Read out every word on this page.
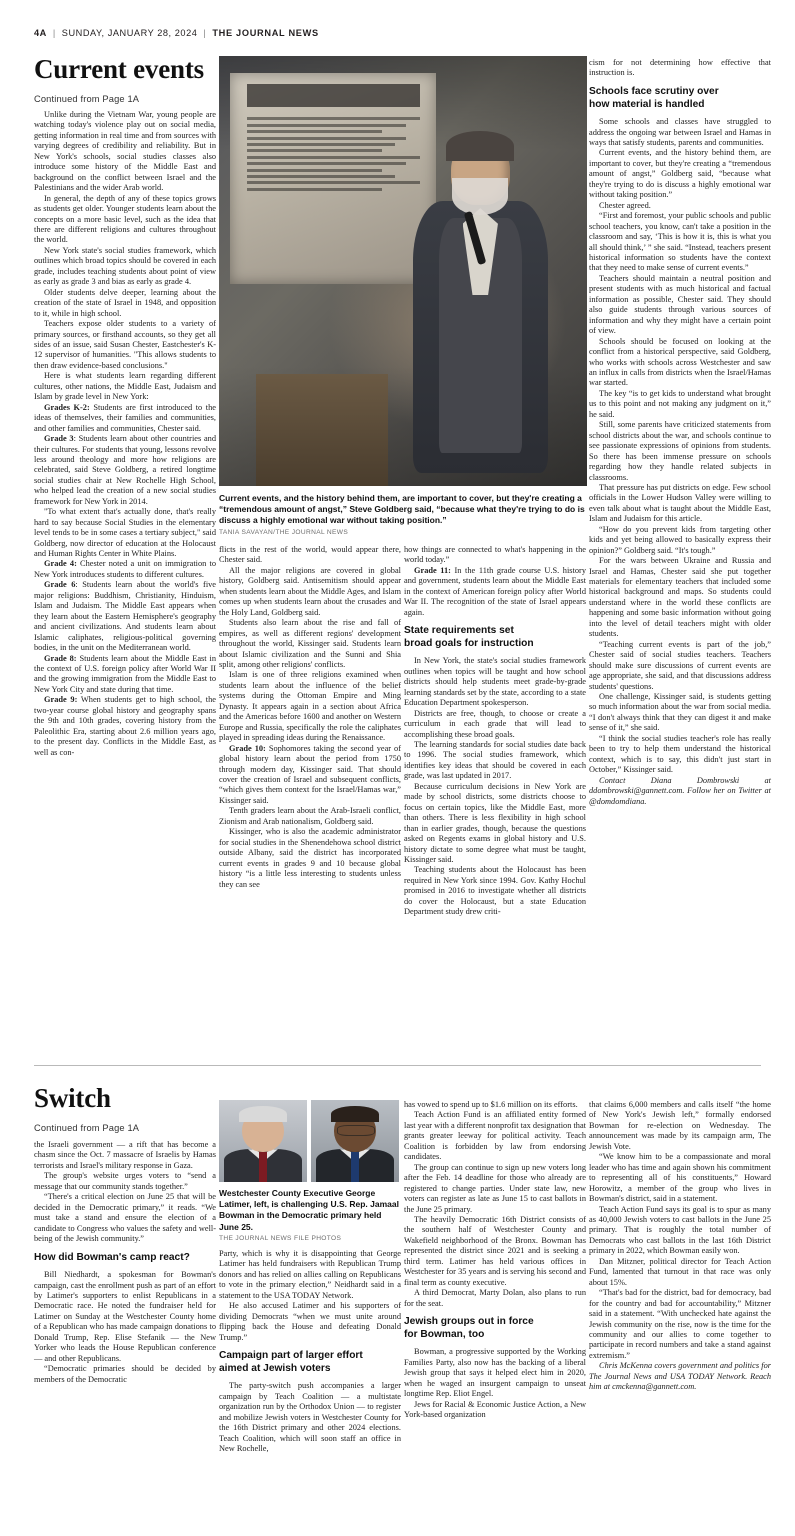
4A | SUNDAY, JANUARY 28, 2024 | THE JOURNAL NEWS
Current events
Continued from Page 1A
Current events, and the history behind them, are important to cover, but they're creating a “tremendous amount of angst,” Steve Goldberg said, “because what they're trying to do is discuss a highly emotional war without taking position.”
TANIA SAVAYAN/THE JOURNAL NEWS

Unlike during the Vietnam War, young people are watching today's violence play out on social media, getting information in real time and from sources with varying degrees of credibility and reliability. But in New York's schools, social studies classes also introduce some history of the Middle East and background on the conflict between Israel and the Palestinians and the wider Arab world.

In general, the depth of any of these topics grows as students get older. Younger students learn about the concepts on a more basic level, such as the idea that there are different religions and cultures throughout the world.

New York state's social studies framework, which outlines which broad topics should be covered in each grade, includes teaching students about point of view as early as grade 3 and bias as early as grade 4.

Older students delve deeper, learning about the creation of the state of Israel in 1948, and opposition to it, while in high school.

Teachers expose older students to a variety of primary sources, or firsthand accounts, so they get all sides of an issue, said Susan Chester, Eastchester's K-12 supervisor of humanities. "This allows students to then draw evidence-based conclusions."

Here is what students learn regarding different cultures, other nations, the Middle East, Judaism and Islam by grade level in New York:

Grades K-2: Students are first introduced to the ideas of themselves, their families and communities, and other families and communities, Chester said.

Grade 3: Students learn about other countries and their cultures. For students that young, lessons revolve less around theology and more how religions are celebrated, said Steve Goldberg, a retired longtime social studies chair at New Rochelle High School, who helped lead the creation of a new social studies framework for New York in 2014.

"To what extent that's actually done, that's really hard to say because Social Studies in the elementary level tends to be in some cases a tertiary subject," said Goldberg, now director of education at the Holocaust and Human Rights Center in White Plains.

Grade 4: Chester noted a unit on immigration to New York introduces students to different cultures.

Grade 6: Students learn about the world's five major religions: Buddhism, Christianity, Hinduism, Islam and Judaism. The Middle East appears when they learn about the Eastern Hemisphere's geography and ancient civilizations. And students learn about Islamic caliphates, religious-political governing bodies, in the unit on the Mediterranean world.

Grade 8: Students learn about the Middle East in the context of U.S. foreign policy after World War II and the growing immigration from the Middle East to New York City and state during that time.

Grade 9: When students get to high school, the two-year course global history and geography spans the 9th and 10th grades, covering history from the Paleolithic Era, starting about 2.6 million years ago, to the present day. Conflicts in the Middle East, as well as con-

flicts in the rest of the world, would appear there, Chester said.

All the major religions are covered in global history, Goldberg said. Antisemitism should appear when students learn about the Middle Ages, and Islam comes up when students learn about the crusades and the Holy Land, Goldberg said.

Students also learn about the rise and fall of empires, as well as different regions' development throughout the world, Kissinger said. Students learn about Islamic civilization and the Sunni and Shia split, among other religions' conflicts.

Islam is one of three religions examined when students learn about the influence of the belief systems during the Ottoman Empire and Ming Dynasty. It appears again in a section about Africa and the Americas before 1600 and another on Western Europe and Russia, specifically the role the caliphates played in spreading ideas during the Renaissance.

Grade 10: Sophomores taking the second year of global history learn about the period from 1750 through modern day, Kissinger said. That should cover the creation of Israel and subsequent conflicts, “which gives them context for the Israel/Hamas war,” Kissinger said.

Tenth graders learn about the Arab-Israeli conflict, Zionism and Arab nationalism, Goldberg said.

Kissinger, who is also the academic administrator for social studies in the Shenendehowa school district outside Albany, said the district has incorporated current events in grades 9 and 10 because global history “is a little less interesting to students unless they can see

how things are connected to what's happening in the world today.”

Grade 11: In the 11th grade course U.S. history and government, students learn about the Middle East in the context of American foreign policy after World War II. The recognition of the state of Israel appears again.

State requirements set
broad goals for instruction

In New York, the state's social studies framework outlines when topics will be taught and how school districts should help students meet grade-by-grade learning standards set by the state, according to a state Education Department spokesperson.

Districts are free, though, to choose or create a curriculum in each grade that will lead to accomplishing these broad goals.

The learning standards for social studies date back to 1996. The social studies framework, which identifies key ideas that should be covered in each grade, was last updated in 2017.

Because curriculum decisions in New York are made by school districts, some districts choose to focus on certain topics, like the Middle East, more than others. There is less flexibility in high school than in earlier grades, though, because the questions asked on Regents exams in global history and U.S. history dictate to some degree what must be taught, Kissinger said.

Teaching students about the Holocaust has been required in New York since 1994. Gov. Kathy Hochul promised in 2016 to investigate whether all districts do cover the Holocaust, but a state Education Department study drew criti-

cism for not determining how effective that instruction is.

Schools face scrutiny over
how material is handled

Some schools and classes have struggled to address the ongoing war between Israel and Hamas in ways that satisfy students, parents and communities.

Current events, and the history behind them, are important to cover, but they're creating a “tremendous amount of angst,” Goldberg said, “because what they're trying to do is discuss a highly emotional war without taking position.”

Chester agreed.

“First and foremost, your public schools and public school teachers, you know, can't take a position in the classroom and say, ‘This is how it is, this is what you all should think,’ ” she said. “Instead, teachers present historical information so students have the context that they need to make sense of current events.”

Teachers should maintain a neutral position and present students with as much historical and factual information as possible, Chester said. They should also guide students through various sources of information and why they might have a certain point of view.

Schools should be focused on looking at the conflict from a historical perspective, said Goldberg, who works with schools across Westchester and saw an influx in calls from districts when the Israel/Hamas war started.

The key “is to get kids to understand what brought us to this point and not making any judgment on it,” he said.

Still, some parents have criticized statements from school districts about the war, and schools continue to see passionate expressions of opinions from students. So there has been immense pressure on schools regarding how they handle related subjects in classrooms.

That pressure has put districts on edge. Few school officials in the Lower Hudson Valley were willing to even talk about what is taught about the Middle East, Islam and Judaism for this article.

“How do you prevent kids from targeting other kids and yet being allowed to basically express their opinion?” Goldberg said. “It's tough.”

For the wars between Ukraine and Russia and Israel and Hamas, Chester said she put together materials for elementary teachers that included some historical background and maps. So students could understand where in the world these conflicts are happening and some basic information without going into the level of detail teachers might with older students.

“Teaching current events is part of the job,” Chester said of social studies teachers. Teachers should make sure discussions of current events are age appropriate, she said, and that discussions address students' questions.

One challenge, Kissinger said, is students getting so much information about the war from social media. “I don't always think that they can digest it and make sense of it,” she said.

“I think the social studies teacher's role has really been to try to help them understand the historical context, which is to say, this didn't just start in October,” Kissinger said.

Contact Diana Dombrowski at ddombrowski@gannett.com. Follow her on Twitter at @domdomdiana.

Switch
Continued from Page 1A
Westchester County Executive George Latimer, left, is challenging U.S. Rep. Jamaal Bowman in the Democratic primary held June 25.
THE JOURNAL NEWS FILE PHOTOS

the Israeli government — a rift that has become a chasm since the Oct. 7 massacre of Israelis by Hamas terrorists and Israel's military response in Gaza.

The group's website urges voters to “send a message that our community stands together.”

“There's a critical election on June 25 that will be decided in the Democratic primary,” it reads. “We must take a stand and ensure the election of a candidate to Congress who values the safety and well-being of the Jewish community.”

How did Bowman's camp react?

Bill Niedhardt, a spokesman for Bowman's campaign, cast the enrollment push as part of an effort by Latimer's supporters to enlist Republicans in a Democratic race. He noted the fundraiser held for Latimer on Sunday at the Westchester County home of a Republican who has made campaign donations to Donald Trump, Rep. Elise Stefanik — the New Yorker who leads the House Republican conference — and other Republicans.

“Democratic primaries should be decided by members of the Democratic

Party, which is why it is disappointing that George Latimer has held fundraisers with Republican Trump donors and has relied on allies calling on Republicans to vote in the primary election,” Neidhardt said in a statement to the USA TODAY Network.

He also accused Latimer and his supporters of dividing Democrats “when we must unite around flipping back the House and defeating Donald Trump.”

Campaign part of larger effort
aimed at Jewish voters

The party-switch push accompanies a larger campaign by Teach Coalition — a multistate organization run by the Orthodox Union — to register and mobilize Jewish voters in Westchester County for the 16th District primary and other 2024 elections. Teach Coalition, which will soon staff an office in New Rochelle,

has vowed to spend up to $1.6 million on its efforts.

Teach Action Fund is an affiliated entity formed last year with a different nonprofit tax designation that grants greater leeway for political activity. Teach Coalition is forbidden by law from endorsing candidates.

The group can continue to sign up new voters long after the Feb. 14 deadline for those who already are registered to change parties. Under state law, new voters can register as late as June 15 to cast ballots in the June 25 primary.

The heavily Democratic 16th District consists of the southern half of Westchester County and Wakefield neighborhood of the Bronx. Bowman has represented the district since 2021 and is seeking a third term. Latimer has held various offices in Westchester for 35 years and is serving his second and final term as county executive.

A third Democrat, Marty Dolan, also plans to run for the seat.

Jewish groups out in force
for Bowman, too

Bowman, a progressive supported by the Working Families Party, also now has the backing of a liberal Jewish group that says it helped elect him in 2020, when he waged an insurgent campaign to unseat longtime Rep. Eliot Engel.

Jews for Racial & Economic Justice Action, a New York-based organization

that claims 6,000 members and calls itself “the home of New York's Jewish left,” formally endorsed Bowman for re-election on Wednesday. The announcement was made by its campaign arm, The Jewish Vote.

“We know him to be a compassionate and moral leader who has time and again shown his commitment to representing all of his constituents,” Howard Horowitz, a member of the group who lives in Bowman's district, said in a statement.

Teach Action Fund says its goal is to spur as many as 40,000 Jewish voters to cast ballots in the June 25 primary. That is roughly the total number of Democrats who cast ballots in the last 16th District primary in 2022, which Bowman easily won.

Dan Mitzner, political director for Teach Action Fund, lamented that turnout in that race was only about 15%.

“That's bad for the district, bad for democracy, bad for the country and bad for accountability,” Mitzner said in a statement. “With unchecked hate against the Jewish community on the rise, now is the time for the community and our allies to come together to participate in record numbers and take a stand against extremism.”

Chris McKenna covers government and politics for The Journal News and USA TODAY Network. Reach him at cmckenna@gannett.com.
